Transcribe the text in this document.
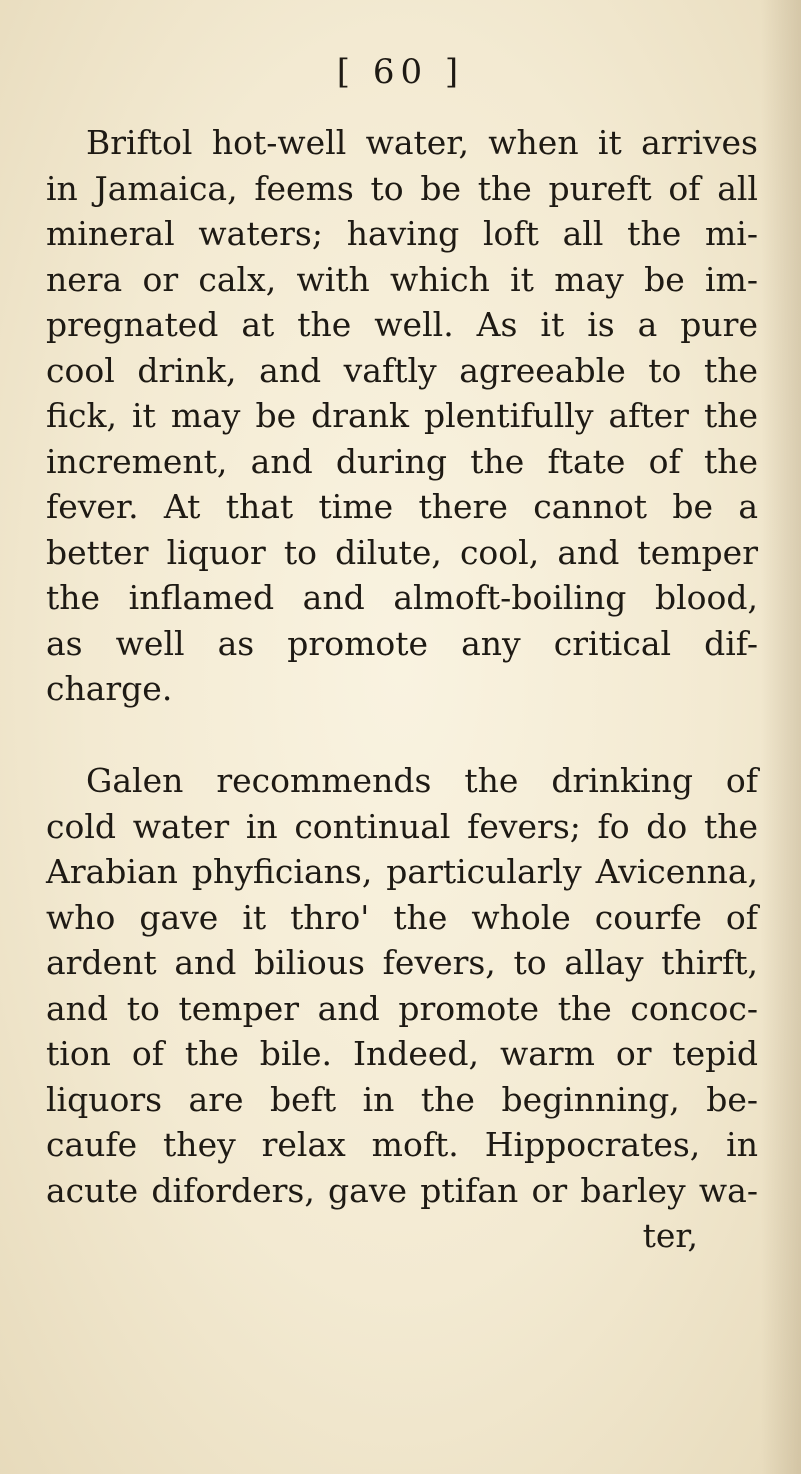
[ 60 ]
Briftol hot-well water, when it arrives
in Jamaica, feems to be the pureft of all
mineral waters; having loft all the mi-
nera or calx, with which it may be im-
pregnated at the well. As it is a pure
cool drink, and vaftly agreeable to the
fick, it may be drank plentifully after the
increment, and during the ftate of the
fever. At that time there cannot be a
better liquor to dilute, cool, and temper
the inflamed and almoft-boiling blood,
as well as promote any critical dif-
charge.
Galen recommends the drinking of
cold water in continual fevers; fo do the
Arabian phyficians, particularly Avicenna,
who gave it thro' the whole courfe of
ardent and bilious fevers, to allay thirft,
and to temper and promote the concoc-
tion of the bile. Indeed, warm or tepid
liquors are beft in the beginning, be-
caufe they relax moft. Hippocrates, in
acute diforders, gave ptifan or barley wa-
ter,
